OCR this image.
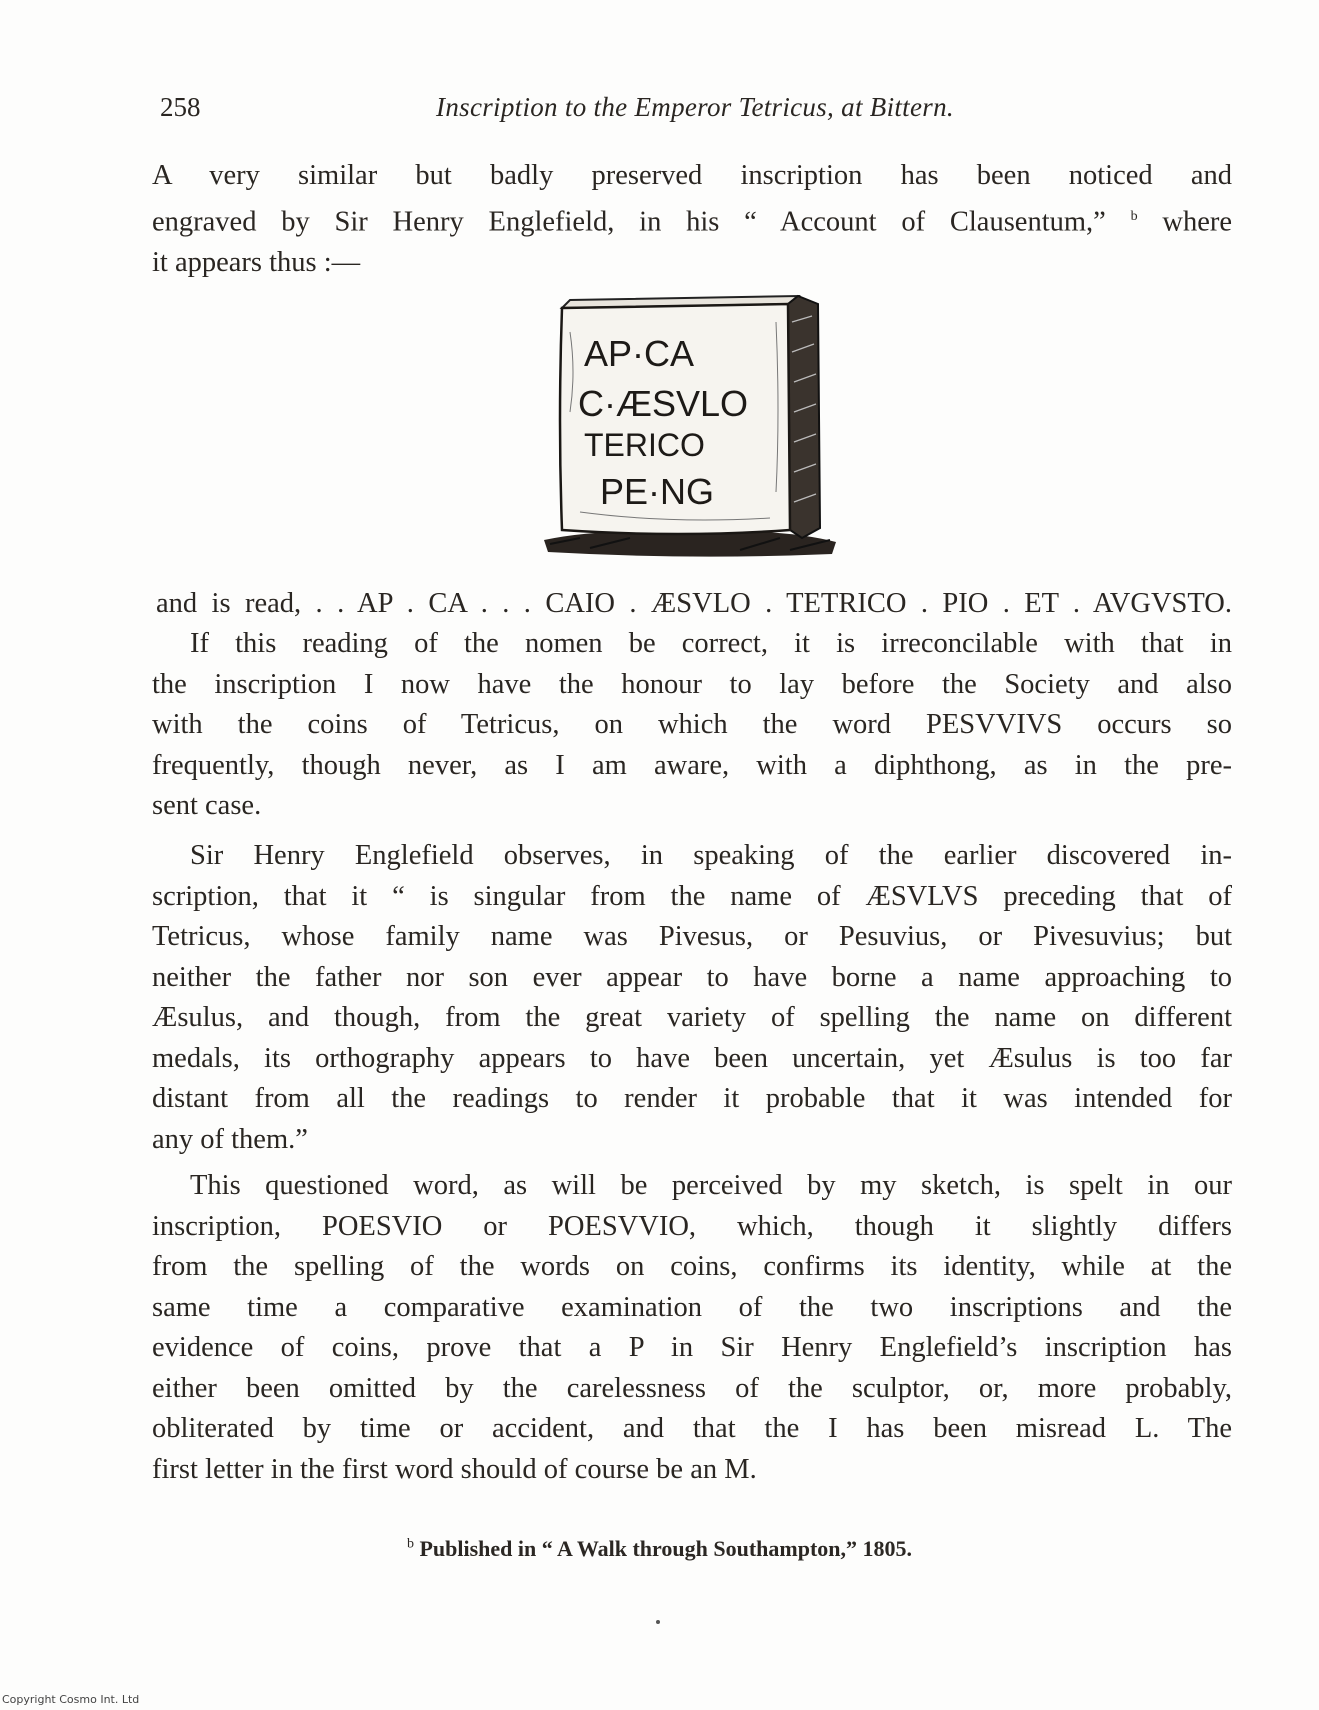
258	Inscription to the Emperor Tetricus, at Bittern.
A very similar but badly preserved inscription has been noticed and
engraved by Sir Henry Englefield, in his “ Account of Clausentum,” $^b$ where
it appears thus :—
AP·CA
C·ÆSVLO
TERICO
PE·NG
and is read, . . AP . CA . . . CAIO . ÆSVLO . TETRICO . PIO . ET . AVGVSTO.
If this reading of the nomen be correct, it is irreconcilable with that in
the inscription I now have the honour to lay before the Society and also
with the coins of Tetricus, on which the word PESVVIVS occurs so
frequently, though never, as I am aware, with a diphthong, as in the pre-
sent case.
Sir Henry Englefield observes, in speaking of the earlier discovered in-
scription, that it “ is singular from the name of ÆSVLVS preceding that of
Tetricus, whose family name was Pivesus, or Pesuvius, or Pivesuvius; but
neither the father nor son ever appear to have borne a name approaching to
Æsulus, and though, from the great variety of spelling the name on different
medals, its orthography appears to have been uncertain, yet Æsulus is too far
distant from all the readings to render it probable that it was intended for
any of them.”
This questioned word, as will be perceived by my sketch, is spelt in our
inscription, POESVIO or POESVVIO, which, though it slightly differs
from the spelling of the words on coins, confirms its identity, while at the
same time a comparative examination of the two inscriptions and the
evidence of coins, prove that a P in Sir Henry Englefield’s inscription has
either been omitted by the carelessness of the sculptor, or, more probably,
obliterated by time or accident, and that the I has been misread L. The
first letter in the first word should of course be an M.
$^b$ Published in “ A Walk through Southampton,” 1805.
Copyright Cosmo Int. Ltd
